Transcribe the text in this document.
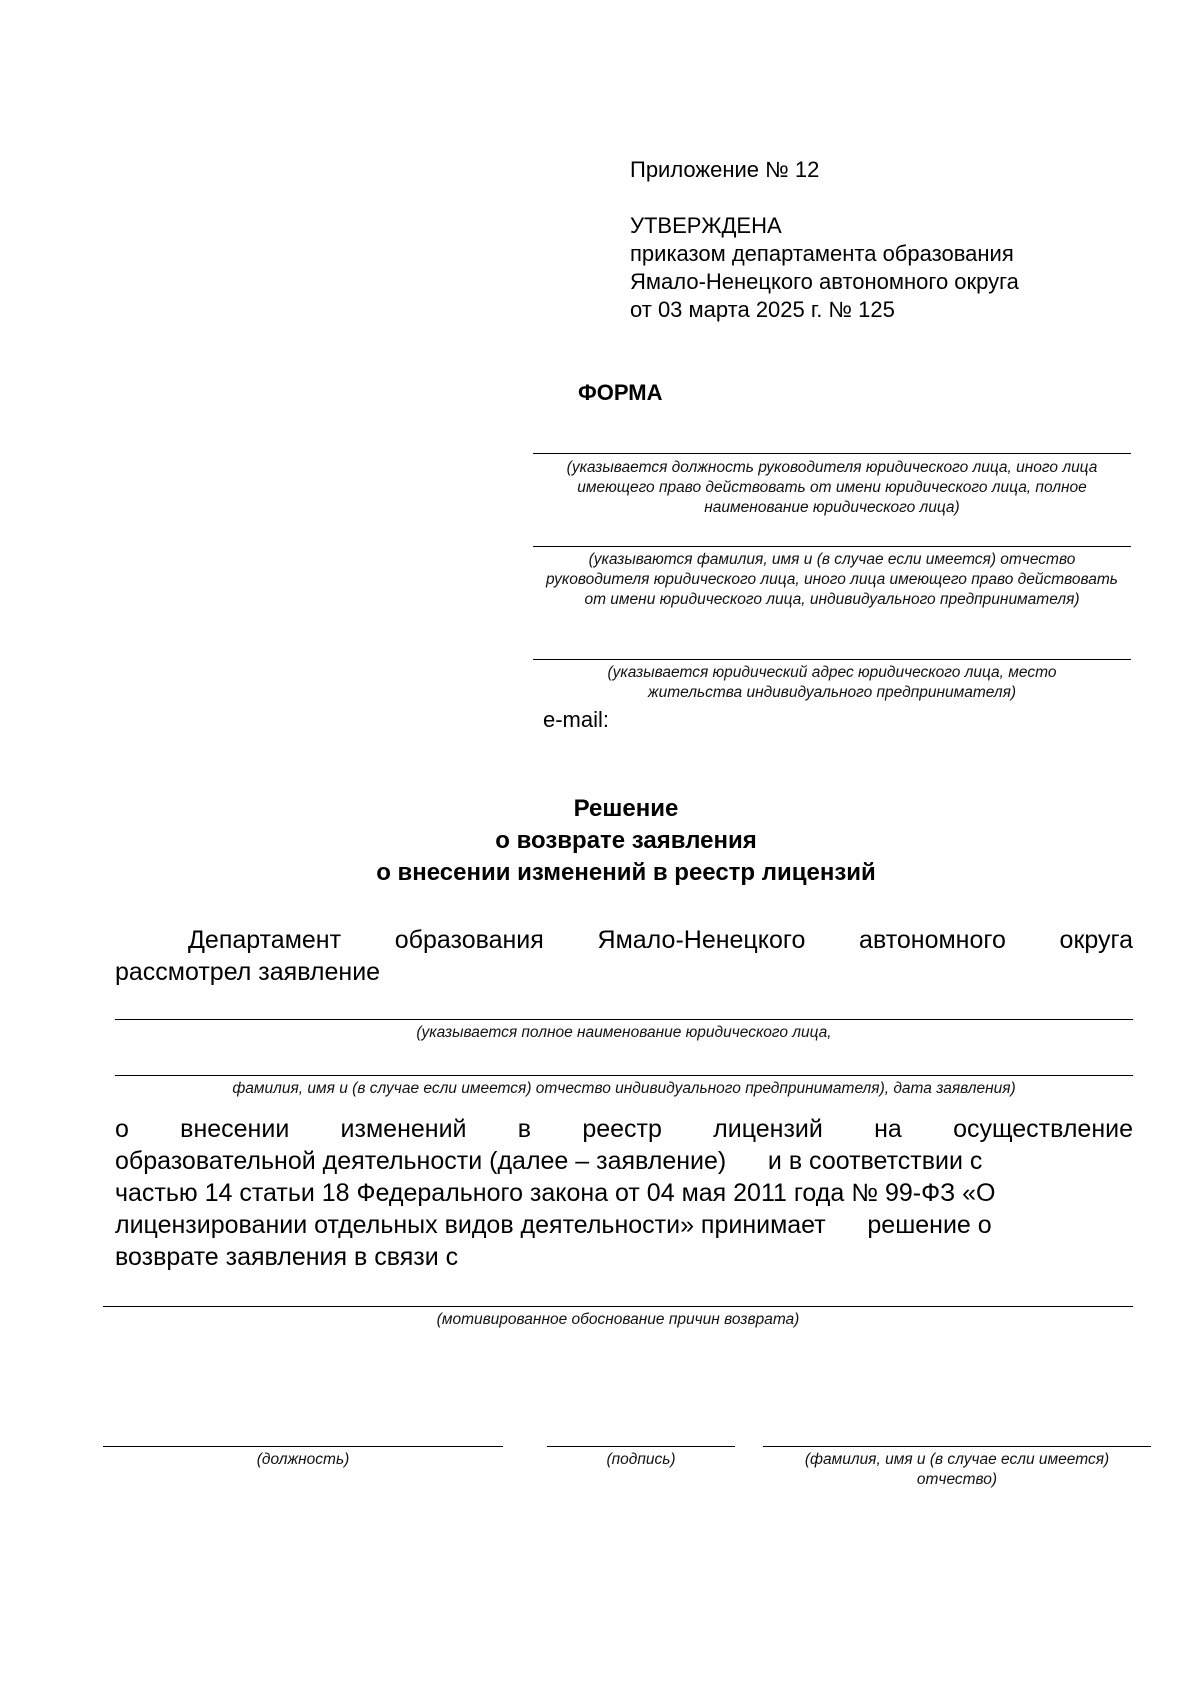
Приложение № 12
УТВЕРЖДЕНА
приказом департамента образования
Ямало-Ненецкого автономного округа
от 03 марта 2025 г. № 125
ФОРМА
(указывается должность руководителя юридического лица, иного лица имеющего право действовать от имени юридического лица, полное наименование юридического лица)
(указываются фамилия, имя и (в случае если имеется) отчество руководителя юридического лица, иного лица имеющего право действовать от имени юридического лица, индивидуального предпринимателя)
(указывается юридический адрес юридического лица, место жительства индивидуального предпринимателя)
e-mail:
Решение
о возврате заявления
о внесении изменений в реестр лицензий
Департамент образования Ямало-Ненецкого автономного округа
рассмотрел заявление
(указывается полное наименование юридического лица,
фамилия, имя и (в случае если имеется) отчество индивидуального предпринимателя), дата заявления)
о внесении изменений в реестр лицензий на осуществление
образовательной деятельности (далее – заявление)      и в соответствии с
частью 14 статьи 18 Федерального закона от 04 мая 2011 года № 99-ФЗ «О
лицензировании отдельных видов деятельности» принимает      решение о
возврате заявления в связи с
(мотивированное обоснование причин возврата)
(должность)	(подпись)	(фамилия, имя и (в случае если имеется) отчество)
